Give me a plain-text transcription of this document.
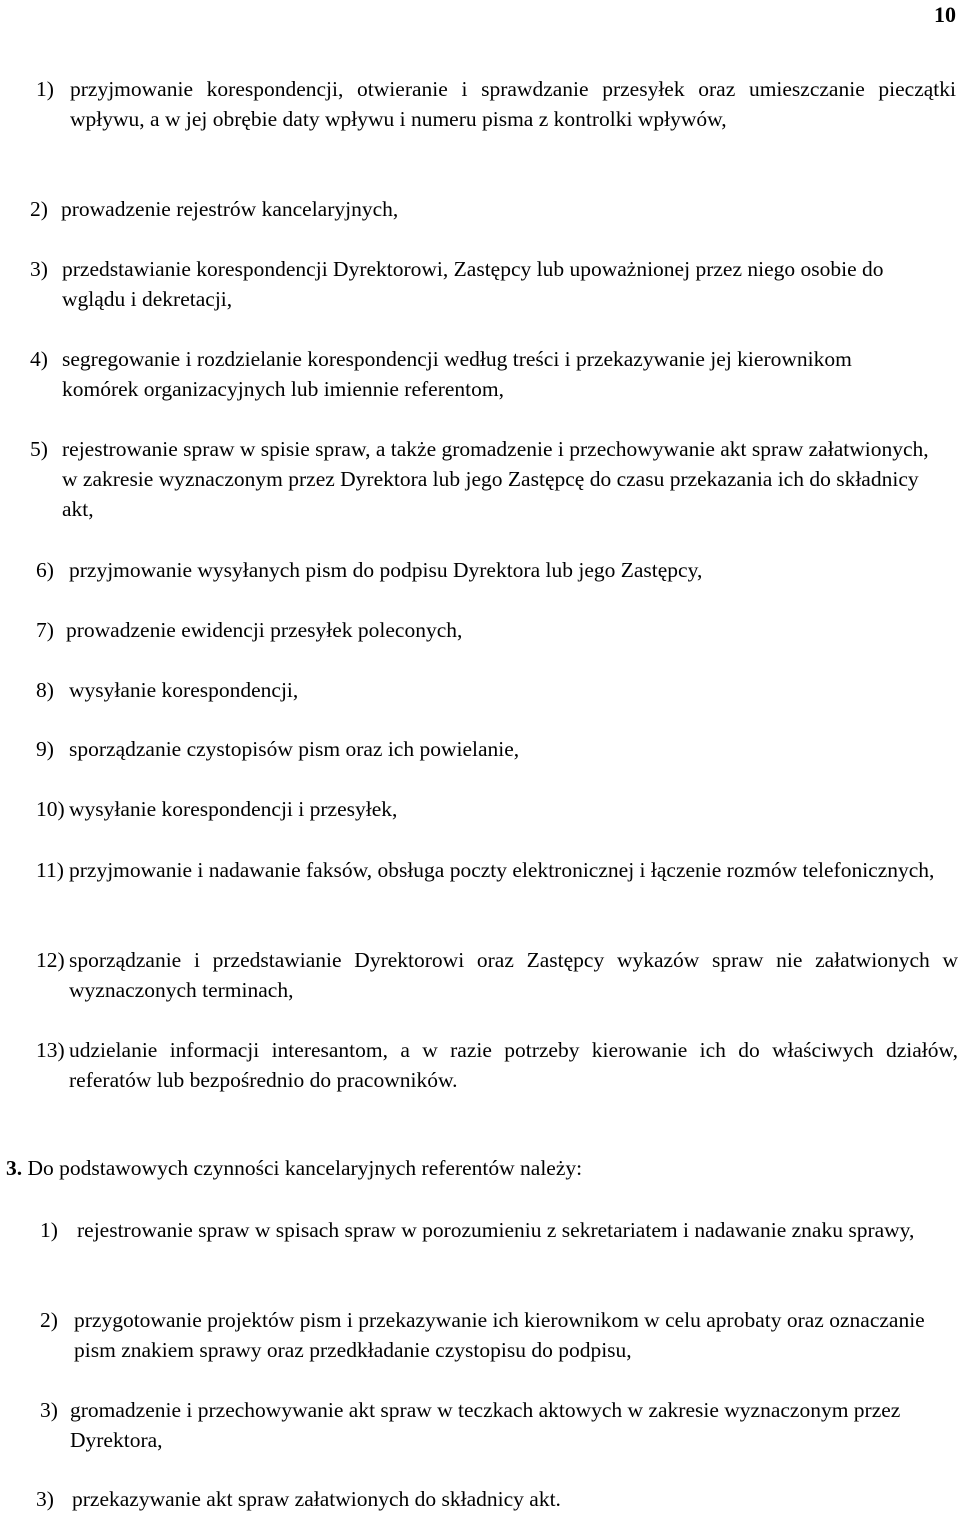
10
1) przyjmowanie korespondencji, otwieranie i sprawdzanie przesyłek oraz umieszczanie pieczątki wpływu, a w jej obrębie daty wpływu i numeru pisma z kontrolki wpływów,
2) prowadzenie rejestrów kancelaryjnych,
3) przedstawianie korespondencji Dyrektorowi, Zastępcy lub upoważnionej przez niego osobie do wglądu i dekretacji,
4) segregowanie i rozdzielanie korespondencji według treści i przekazywanie jej kierownikom komórek organizacyjnych lub imiennie referentom,
5) rejestrowanie spraw w spisie spraw, a także gromadzenie i przechowywanie akt spraw załatwionych, w zakresie wyznaczonym przez Dyrektora lub jego Zastępcę do czasu przekazania ich do składnicy akt,
6) przyjmowanie wysyłanych pism do podpisu Dyrektora lub jego Zastępcy,
7) prowadzenie ewidencji przesyłek poleconych,
8) wysyłanie korespondencji,
9) sporządzanie czystopisów pism oraz ich powielanie,
10) wysyłanie korespondencji i przesyłek,
11) przyjmowanie i nadawanie faksów, obsługa poczty elektronicznej i łączenie rozmów telefonicznych,
12) sporządzanie i przedstawianie Dyrektorowi oraz Zastępcy wykazów spraw nie załatwionych w wyznaczonych terminach,
13) udzielanie informacji interesantom, a w razie potrzeby kierowanie ich do właściwych działów, referatów lub bezpośrednio do pracowników.
3. Do podstawowych czynności kancelaryjnych referentów należy:
1) rejestrowanie spraw w spisach spraw w porozumieniu z sekretariatem i nadawanie znaku sprawy,
2) przygotowanie projektów pism i przekazywanie ich kierownikom w celu aprobaty oraz oznaczanie pism znakiem sprawy oraz przedkładanie czystopisu do podpisu,
3) gromadzenie i przechowywanie akt spraw w teczkach aktowych w zakresie wyznaczonym przez Dyrektora,
3) przekazywanie akt spraw załatwionych do składnicy akt.
